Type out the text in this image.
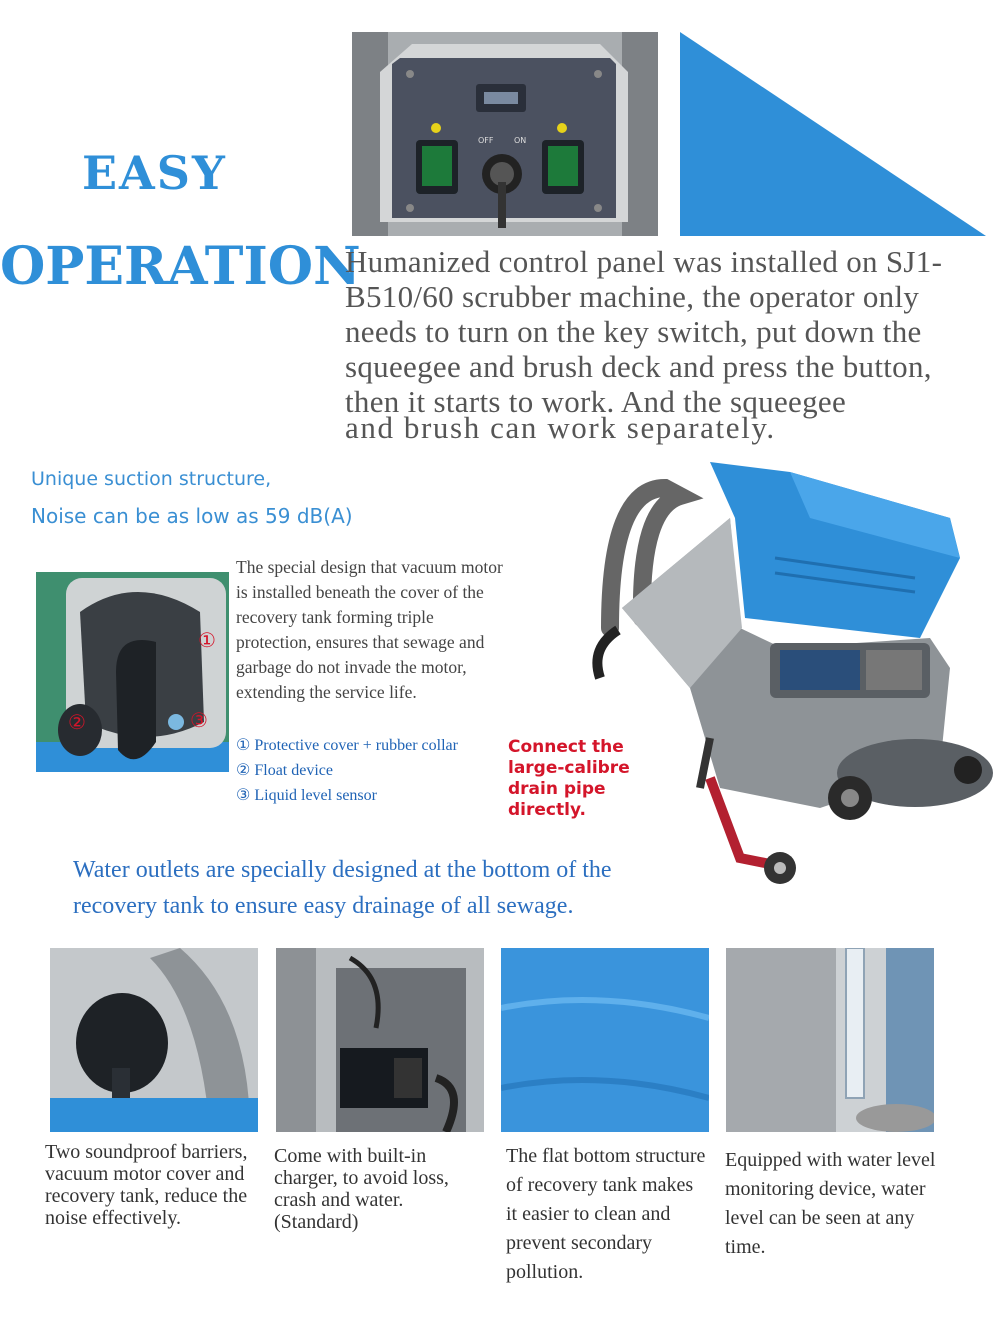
EASY
OPERATION
OFF	ON
Humanized control panel was installed on SJ1-B510/60 scrubber machine, the operator only needs to turn on the key switch, put down the squeegee and brush deck and press the button, then it starts to work. And the squeegee
and brush can work separately.
Unique suction structure,
Noise can be as low as 59 dB(A)
①
②	③
The special design that vacuum motor is installed beneath the cover of the recovery tank forming triple protection, ensures that sewage and garbage do not invade the motor, extending the service life.
① Protective cover + rubber collar
② Float device
③ Liquid level sensor
Connect the large-calibre drain pipe directly.
Water outlets are specially designed at the bottom of the recovery tank to ensure easy drainage of all sewage.
Two soundproof barriers, vacuum motor cover and recovery tank, reduce the noise effectively.
Come with built-in charger, to avoid loss, crash and water. (Standard)
The flat bottom structure of recovery tank makes it easier to clean and prevent secondary pollution.
Equipped with water level monitoring device, water level can be seen at any time.
